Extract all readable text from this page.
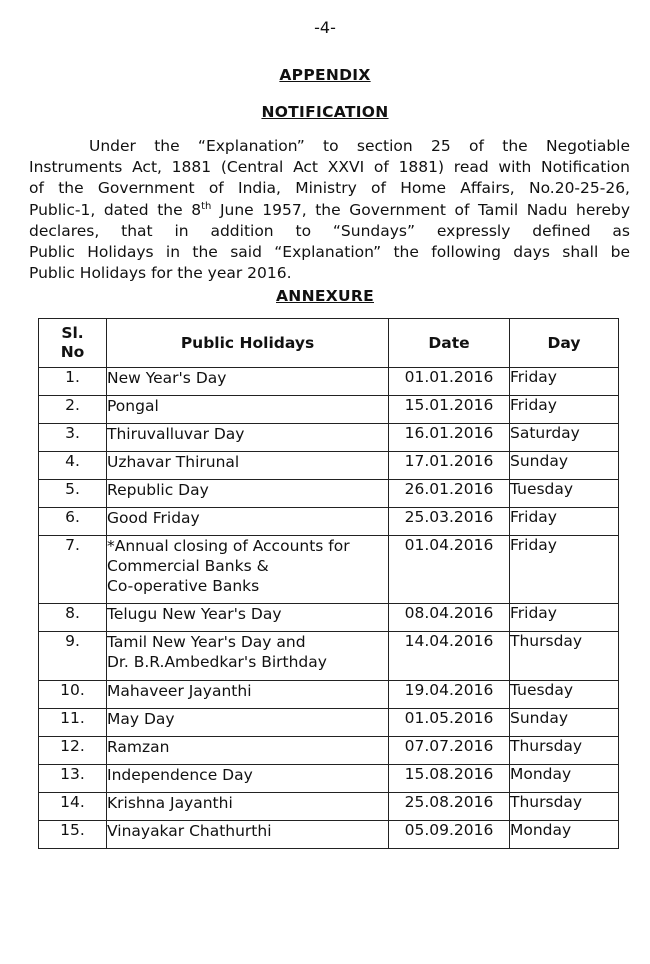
-4-
APPENDIX
NOTIFICATION
Under the “Explanation” to section 25 of the Negotiable
Instruments Act, 1881 (Central Act XXVI of 1881) read with Notification
of the Government of India, Ministry of Home Affairs, No.20-25-26,
Public-1, dated the 8th June 1957, the Government of Tamil Nadu hereby
declares, that in addition to “Sundays” expressly defined as
Public Holidays in the said “Explanation” the following days shall be
Public Holidays for the year 2016.
ANNEXURE
Sl. No	Public Holidays	Date	Day
1.	New Year's Day	01.01.2016	Friday
2.	Pongal	15.01.2016	Friday
3.	Thiruvalluvar Day	16.01.2016	Saturday
4.	Uzhavar Thirunal	17.01.2016	Sunday
5.	Republic Day	26.01.2016	Tuesday
6.	Good Friday	25.03.2016	Friday
7.	*Annual closing of Accounts for
Commercial Banks &
Co-operative Banks	01.04.2016	Friday
8.	Telugu New Year's Day	08.04.2016	Friday
9.	Tamil New Year's Day and
Dr. B.R.Ambedkar's Birthday	14.04.2016	Thursday
10.	Mahaveer Jayanthi	19.04.2016	Tuesday
11.	May Day	01.05.2016	Sunday
12.	Ramzan	07.07.2016	Thursday
13.	Independence Day	15.08.2016	Monday
14.	Krishna Jayanthi	25.08.2016	Thursday
15.	Vinayakar Chathurthi	05.09.2016	Monday
